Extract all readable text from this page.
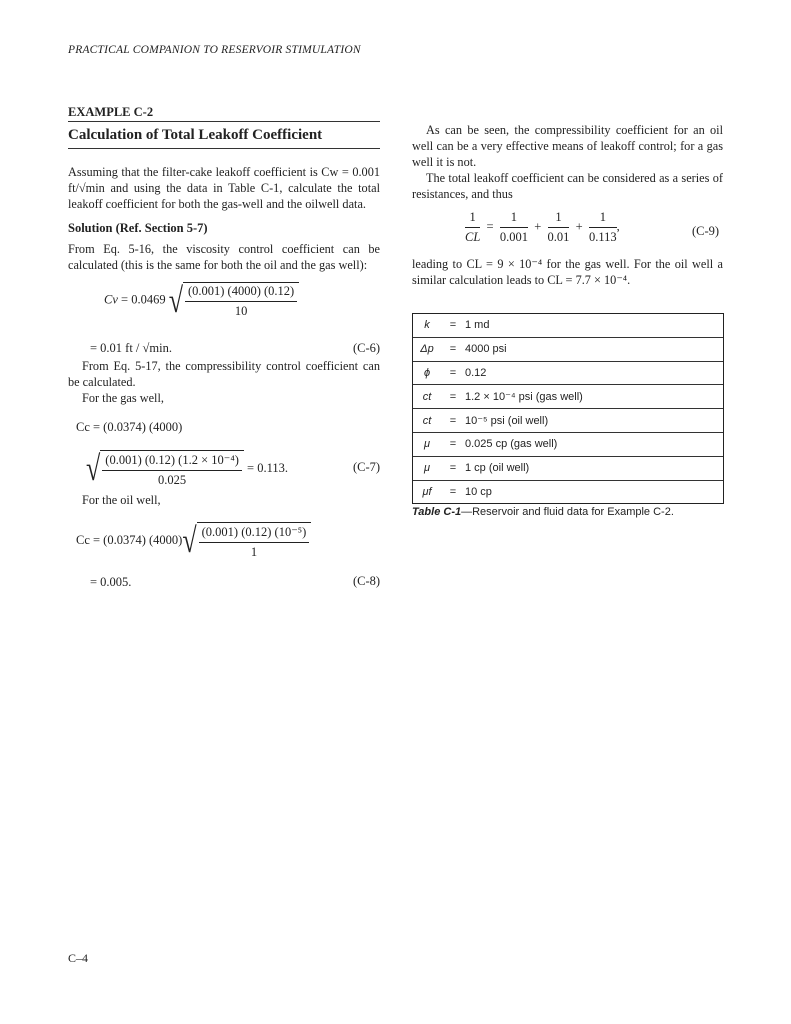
PRACTICAL COMPANION TO RESERVOIR STIMULATION
EXAMPLE C-2
Calculation of Total Leakoff Coefficient

Assuming that the filter-cake leakoff coefficient is Cw = 0.001 ft/√min and using the data in Table C-1, calculate the total leakoff coefficient for both the gas-well and the oilwell data.

Solution (Ref. Section 5-7)

From Eq. 5-16, the viscosity control coefficient can be calculated (this is the same for both the oil and the gas well):

Cv = 0.0469 √ $\frac{(0.001) (4000) (0.12)}{10}$
= 0.01 ft / √min.	(C-6)

From Eq. 5-17, the compressibility control coefficient can be calculated.

For the gas well,

Cc = (0.0374) (4000)
√ $\frac{\text{(0.001) (0.12) (1.2 × 10⁻⁴)}}{0.025} = 0.113$.	(C-7)

For the oil well,

Cc = (0.0374) $(4000)√ \frac{\text{(0.001) (0.12) (10⁻⁵)}}{1}$
= 0.005.	(C-8)

As can be seen, the compressibility coefficient for an oil well can be a very effective means of leakoff control; for a gas well it is not.

The total leakoff coefficient can be considered as a series of resistances, and thus

$\frac{1}{CL} = \frac{1}{0.001} + \frac{1}{0.01} + \frac{1}{0.113}$ ,	(C-9)

leading to CL = 9 × 10⁻⁴ for the gas well. For the oil well a similar calculation leads to CL = 7.7 × 10⁻⁴.

k	= 1 md
Δp	= 4000 psi
ϕ	= 0.12
ct	= 1.2 × 10⁻⁴ psi (gas well)
ct	= 10⁻⁵ psi (oil well)
μ	= 0.025 cp (gas well)
μ	= 1 cp (oil well)
μf	= 10 cp
Table C-1—Reservoir and fluid data for Example C-2.
C–4
